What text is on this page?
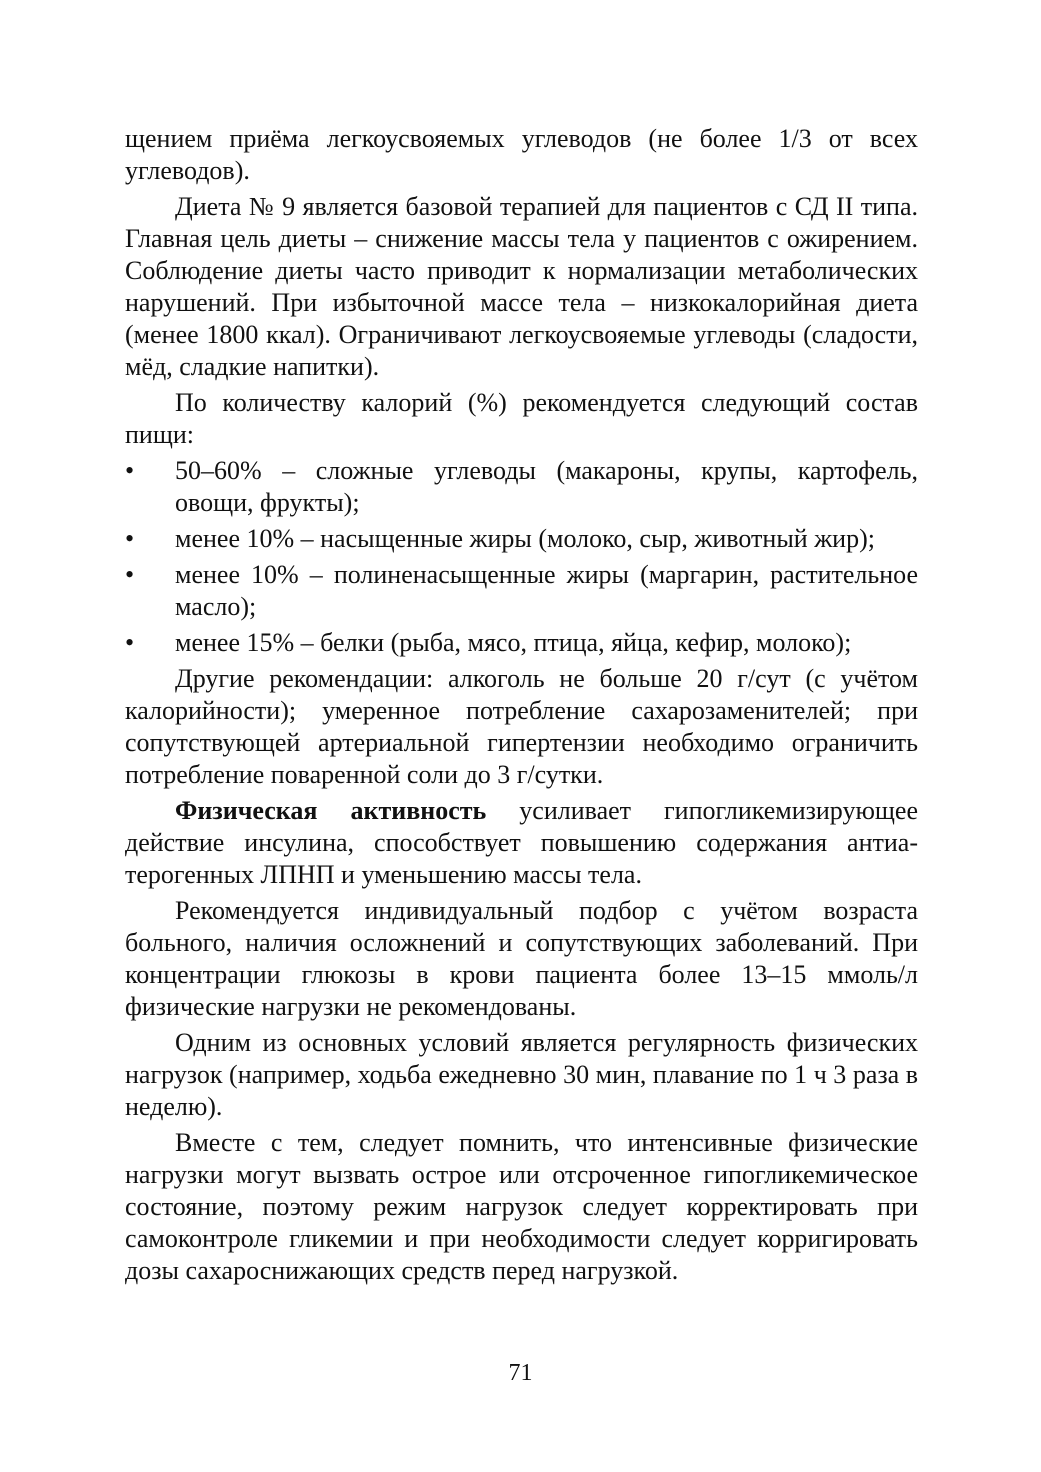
щением приёма легкоусвояемых углеводов (не более 1/3 от всех углеводов).

Диета № 9 является базовой терапией для пациентов с СД II типа. Главная цель диеты – снижение массы тела у пациентов с ожирением. Соблюдение диеты часто приводит к нормализации метаболических нарушений. При избыточной массе тела – низкокалорийная диета (менее 1800 ккал). Ограничивают легкоусвояемые углеводы (сладости, мёд, сладкие напитки).

По количеству калорий (%) рекомендуется следующий состав пищи:

• 50–60% – сложные углеводы (макароны, крупы, картофель, овощи, фрукты);
• менее 10% – насыщенные жиры (молоко, сыр, животный жир);
• менее 10% – полиненасыщенные жиры (маргарин, растительное масло);
• менее 15% – белки (рыба, мясо, птица, яйца, кефир, молоко);

Другие рекомендации: алкоголь не больше 20 г/сут (с учётом калорийности); умеренное потребление сахарозаменителей; при сопутствующей артериальной гипертензии необходимо ограничить потребление поваренной соли до 3 г/сутки.

Физическая активность усиливает гипогликемизирующее действие инсулина, способствует повышению содержания антиатерогенных ЛПНП и уменьшению массы тела.

Рекомендуется индивидуальный подбор с учётом возраста больного, наличия осложнений и сопутствующих заболеваний. При концентрации глюкозы в крови пациента более 13–15 ммоль/л физические нагрузки не рекомендованы.

Одним из основных условий является регулярность физических нагрузок (например, ходьба ежедневно 30 мин, плавание по 1 ч 3 раза в неделю).

Вместе с тем, следует помнить, что интенсивные физические нагрузки могут вызвать острое или отсроченное гипогликемическое состояние, поэтому режим нагрузок следует корректировать при самоконтроле гликемии и при необходимости следует корригировать дозы сахароснижающих средств перед нагрузкой.

71
